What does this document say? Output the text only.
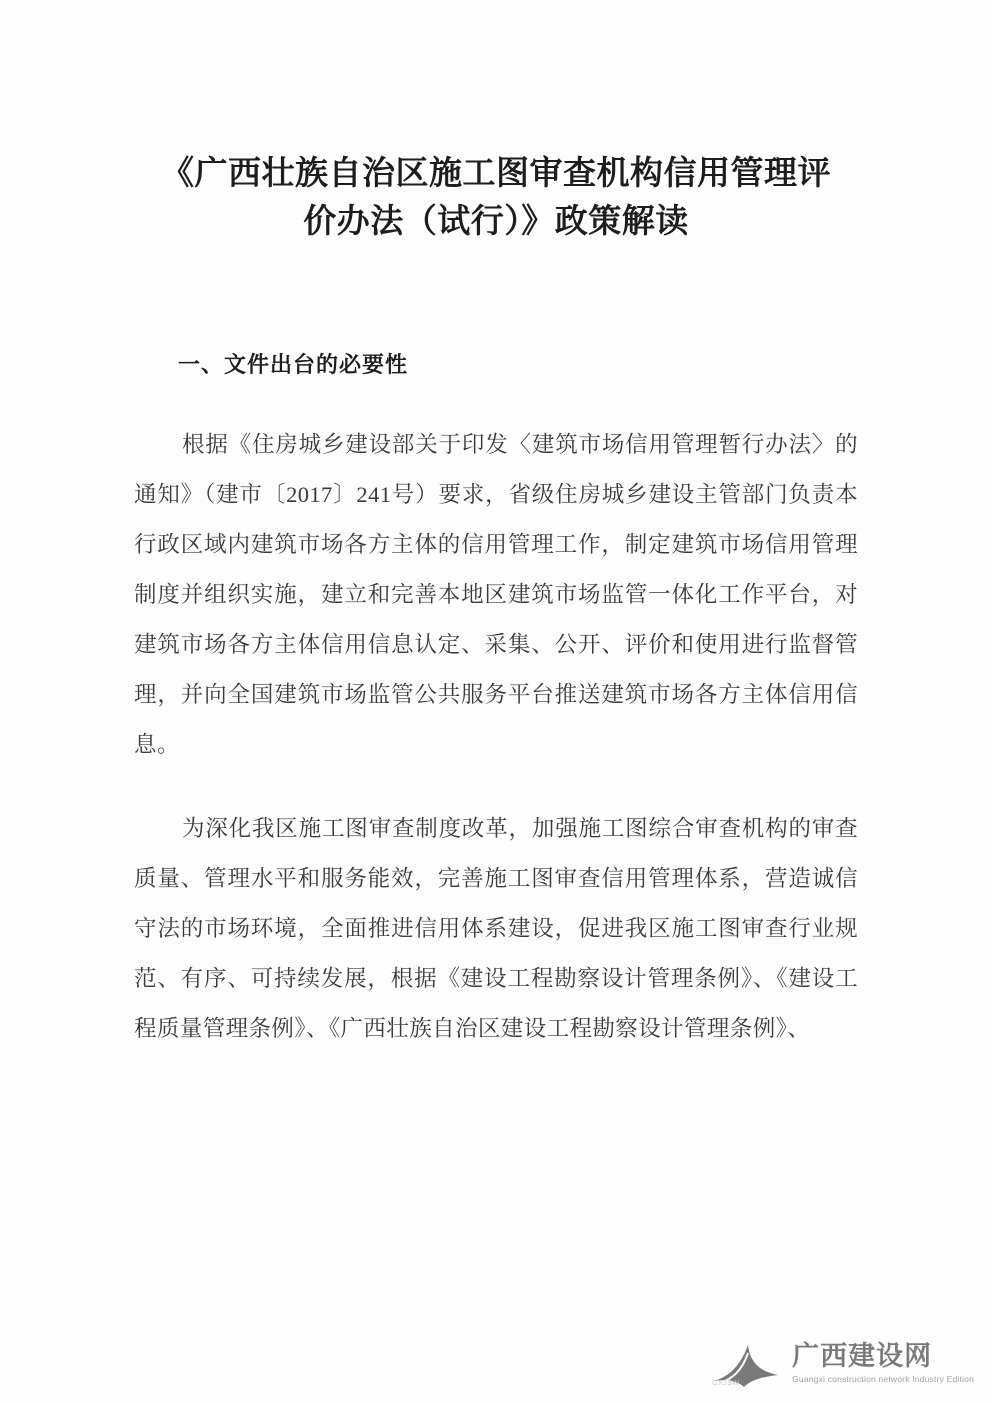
《广西壮族自治区施工图审查机构信用管理评价办法（试行）》政策解读
一、文件出台的必要性

根据《住房城乡建设部关于印发〈建筑市场信用管理暂行办法〉的通知》（建市〔2017〕241号）要求，省级住房城乡建设主管部门负责本行政区域内建筑市场各方主体的信用管理工作，制定建筑市场信用管理制度并组织实施，建立和完善本地区建筑市场监管一体化工作平台，对建筑市场各方主体信用信息认定、采集、公开、评价和使用进行监督管理，并向全国建筑市场监管公共服务平台推送建筑市场各方主体信用信息。

为深化我区施工图审查制度改革，加强施工图综合审查机构的审查质量、管理水平和服务能效，完善施工图审查信用管理体系，营造诚信守法的市场环境，全面推进信用体系建设，促进我区施工图审查行业规范、有序、可持续发展，根据《建设工程勘察设计管理条例》、《建设工程质量管理条例》、《广西壮族自治区建设工程勘察设计管理条例》、

GXJSW
广西建设网
Guangxi construction network Industry Edition
